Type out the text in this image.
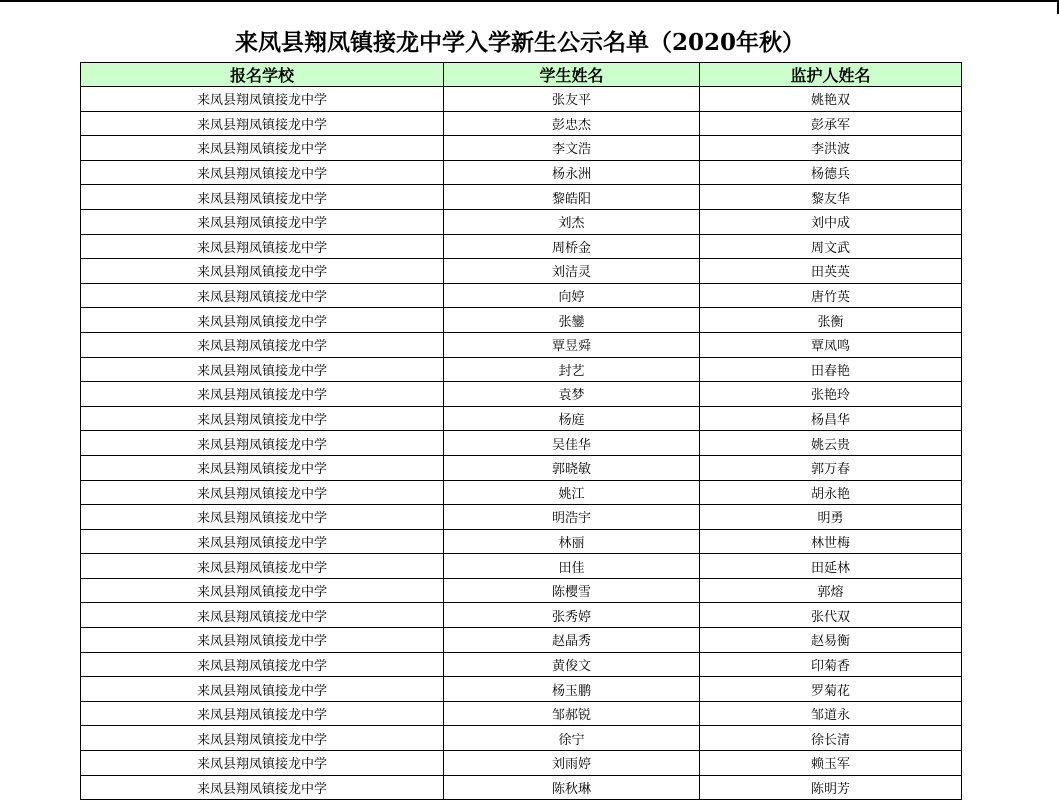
来凤县翔凤镇接龙中学入学新生公示名单（2020年秋）
报名学校	学生姓名	监护人姓名
来凤县翔凤镇接龙中学	张友平	姚艳双
来凤县翔凤镇接龙中学	彭忠杰	彭承军
来凤县翔凤镇接龙中学	李文浩	李洪波
来凤县翔凤镇接龙中学	杨永洲	杨德兵
来凤县翔凤镇接龙中学	黎皓阳	黎友华
来凤县翔凤镇接龙中学	刘杰	刘中成
来凤县翔凤镇接龙中学	周桥金	周文武
来凤县翔凤镇接龙中学	刘洁灵	田英英
来凤县翔凤镇接龙中学	向婷	唐竹英
来凤县翔凤镇接龙中学	张鑾	张衡
来凤县翔凤镇接龙中学	覃昱舜	覃凤鸣
来凤县翔凤镇接龙中学	封艺	田春艳
来凤县翔凤镇接龙中学	袁梦	张艳玲
来凤县翔凤镇接龙中学	杨庭	杨昌华
来凤县翔凤镇接龙中学	吴佳华	姚云贵
来凤县翔凤镇接龙中学	郭晓敏	郭万春
来凤县翔凤镇接龙中学	姚江	胡永艳
来凤县翔凤镇接龙中学	明浩宇	明勇
来凤县翔凤镇接龙中学	林丽	林世梅
来凤县翔凤镇接龙中学	田佳	田延林
来凤县翔凤镇接龙中学	陈樱雪	郭熔
来凤县翔凤镇接龙中学	张秀婷	张代双
来凤县翔凤镇接龙中学	赵晶秀	赵易衡
来凤县翔凤镇接龙中学	黄俊文	印菊香
来凤县翔凤镇接龙中学	杨玉鹏	罗菊花
来凤县翔凤镇接龙中学	邹郝锐	邹道永
来凤县翔凤镇接龙中学	徐宁	徐长清
来凤县翔凤镇接龙中学	刘雨婷	赖玉军
来凤县翔凤镇接龙中学	陈秋琳	陈明芳
